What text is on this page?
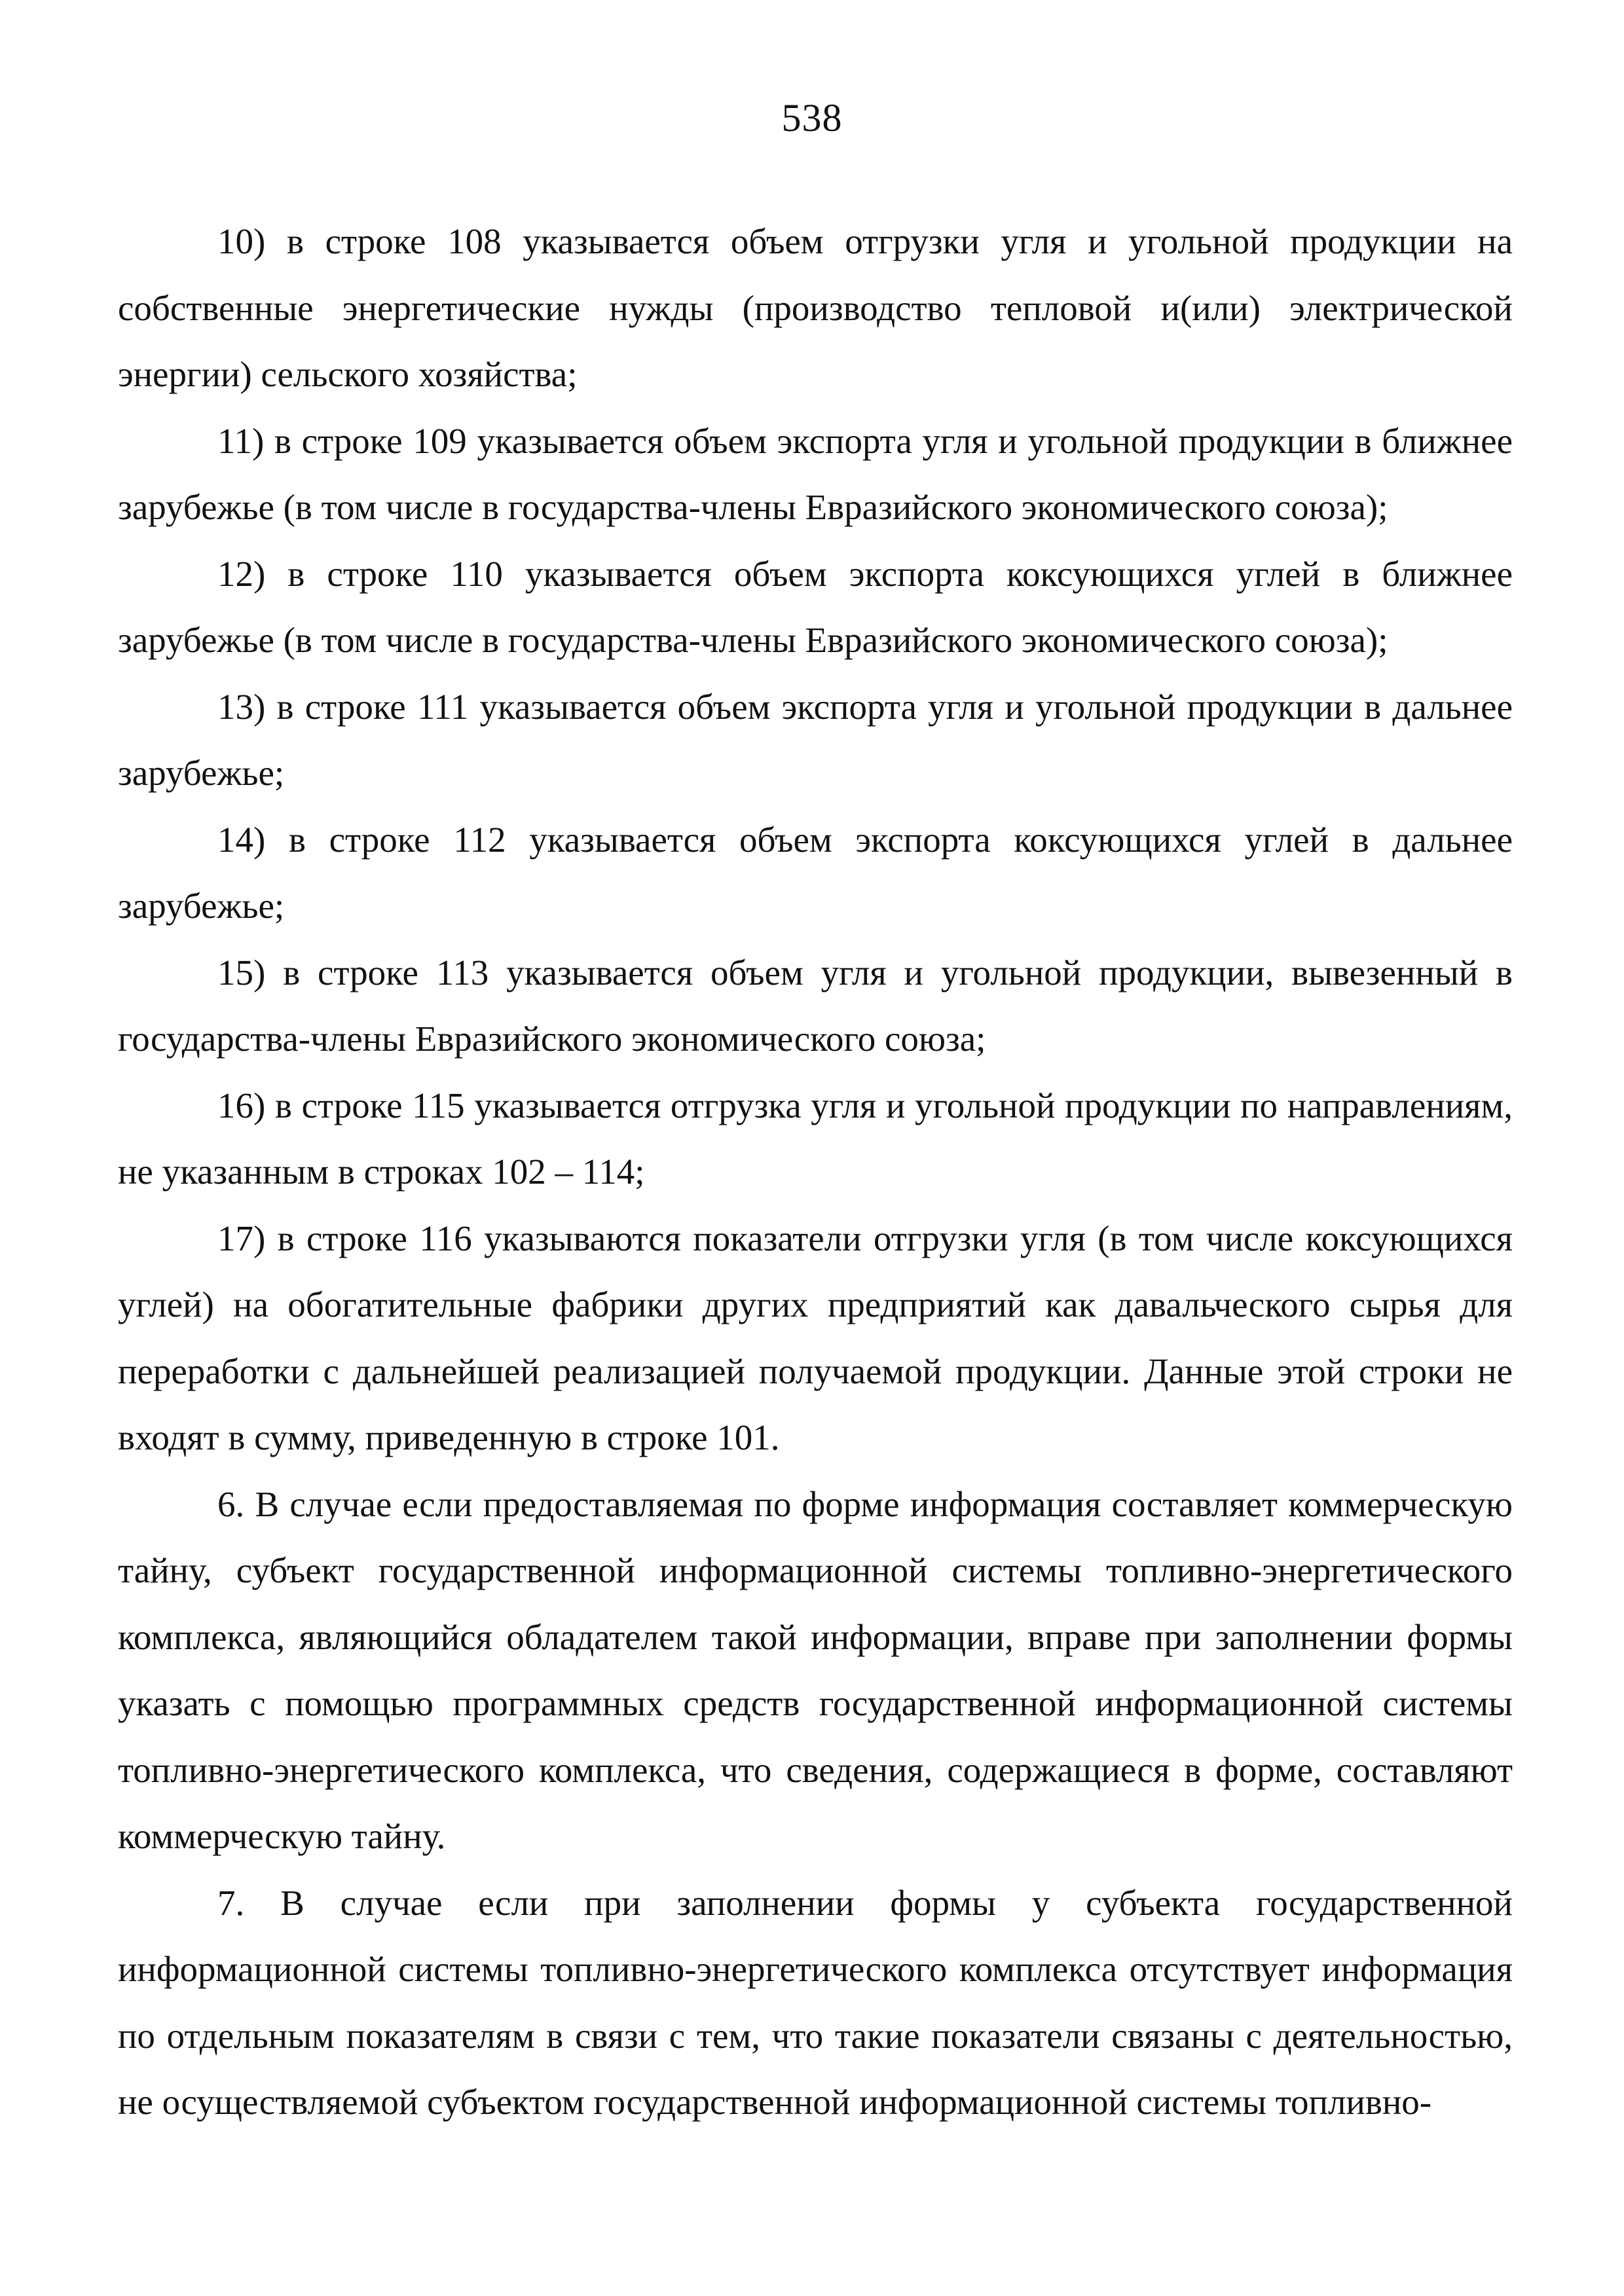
538

10) в строке 108 указывается объем отгрузки угля и угольной продукции на собственные энергетические нужды (производство тепловой и(или) электрической энергии) сельского хозяйства;

11) в строке 109 указывается объем экспорта угля и угольной продукции в ближнее зарубежье (в том числе в государства-члены Евразийского экономического союза);

12) в строке 110 указывается объем экспорта коксующихся углей в ближнее зарубежье (в том числе в государства-члены Евразийского экономического союза);

13) в строке 111 указывается объем экспорта угля и угольной продукции в дальнее зарубежье;

14) в строке 112 указывается объем экспорта коксующихся углей в дальнее зарубежье;

15) в строке 113 указывается объем угля и угольной продукции, вывезенный в государства-члены Евразийского экономического союза;

16) в строке 115 указывается отгрузка угля и угольной продукции по направлениям, не указанным в строках 102 – 114;

17) в строке 116 указываются показатели отгрузки угля (в том числе коксующихся углей) на обогатительные фабрики других предприятий как давальческого сырья для переработки с дальнейшей реализацией получаемой продукции. Данные этой строки не входят в сумму, приведенную в строке 101.

6. В случае если предоставляемая по форме информация составляет коммерческую тайну, субъект государственной информационной системы топливно-энергетического комплекса, являющийся обладателем такой информации, вправе при заполнении формы указать с помощью программных средств государственной информационной системы топливно-энергетического комплекса, что сведения, содержащиеся в форме, составляют коммерческую тайну.

7. В случае если при заполнении формы у субъекта государственной информационной системы топливно-энергетического комплекса отсутствует информация по отдельным показателям в связи с тем, что такие показатели связаны с деятельностью, не осуществляемой субъектом государственной информационной системы топливно-
